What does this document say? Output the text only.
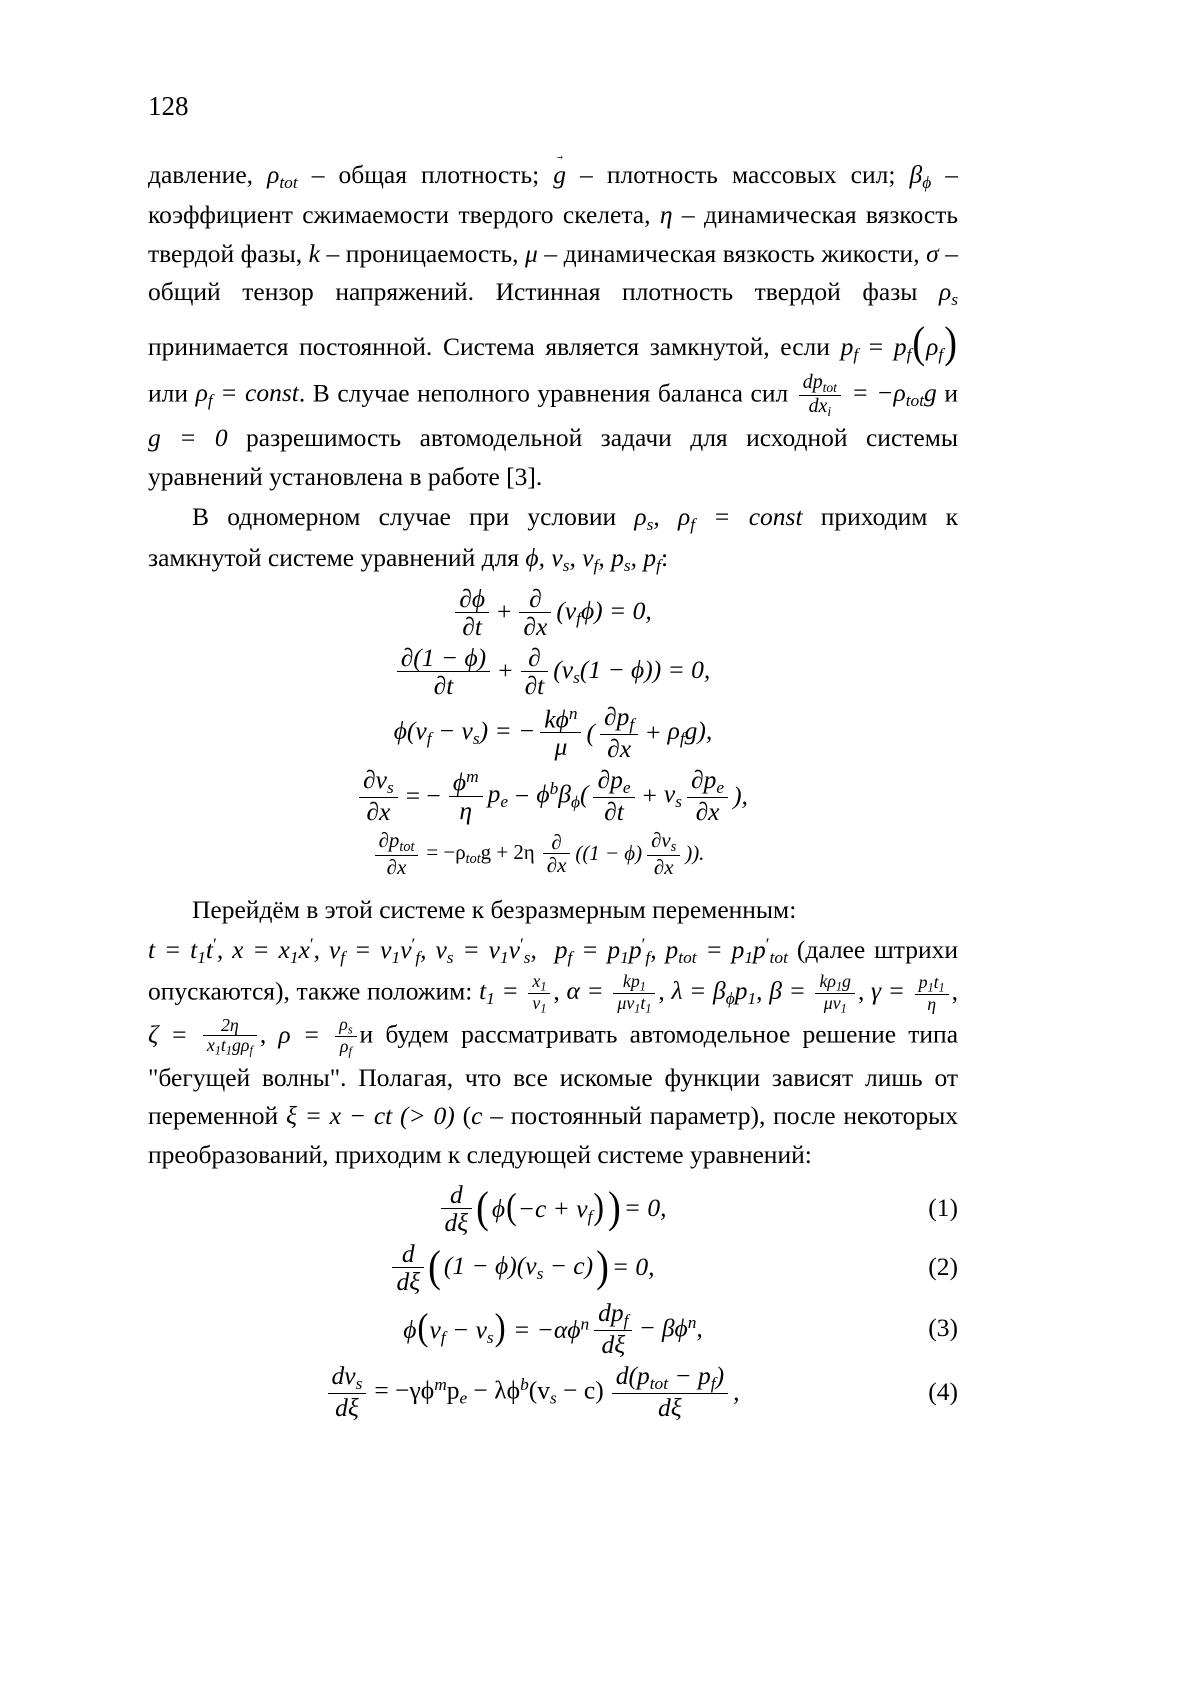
128

давление, $\rho_{tot}$ – общая плотность; g → – плотность массовых сил; $\beta_\phi$ – коэффициент сжимаемости твердого скелета, η – динамическая вязкость твердой фазы, k – проницаемость, μ – динамическая вязкость жикости, σ – общий тензор напряжений. Истинная плотность твердой фазы $\rho_s$ принимается постоянной. Система является замкнутой, если $p_f = p_f(\rho_f)$ или $\rho_f$ = const. В случае неполного уравнения баланса сил $\frac{dp_{tot}}{dx_i} = -\rho_{tot}g$ и g = 0 разрешимость автомодельной задачи для исходной системы уравнений установлена в работе [3].

В одномерном случае при условии $\rho_s$, $\rho_f$ = const приходим к замкнутой системе уравнений для ϕ, $v_s$, $v_f$, $p_s$, $p_f$:

$\frac{\partial\phi}{\partial t} + \frac{\partial}{\partial x} (v_f\phi) = 0$,
$\frac{\partial(1 - \phi)}{\partial t} + \frac{\partial}{\partial t} (v_s(1 - \phi)) = 0$,
$\phi(v_f - v_s)$ = − $\frac{k\phi^n}{\mu}$ ( $\frac{\partial p_f}{\partial x} + \rho_fg$),
$\frac{\partial v_s}{\partial x}$ = − $\frac{\phi^m}{\eta} p_e - \phi^b\beta_\phi( \frac{\partial p_e}{\partial t} + v_s \frac{\partial p_e}{\partial x}$ ),
$\frac{\partial p_{tot}}{\partial x} = -\rho_{tot}g + 2\eta \frac{\partial}{\partial x} ((1 - \phi) \frac{\partial v_s}{\partial x}$ )).

Перейдём в этой системе к безразмерным переменным:

$t = t_1t'$, $x = x_1x'$, $v_f = v_1v'_f$, $v_s = v_1v'_s$,  $p_f = p_1p'_f$, $p_{tot} = p_1p'_{tot}$ (далее штрихи опускаются), также положим: $t_1 = \frac{x_1}{v_1}$ , $\alpha = \frac{kp_1}{\mu v_1t_1}$ , $\lambda = \beta_\phi p_1$, $\beta = \frac{k\rho_1g}{\mu v_1}$ , $\gamma = \frac{p_1t_1}{\eta}$ , $\zeta = \frac{2\eta}{x_1t_1g\rho_f}$ , $\rho = \frac{\rho_s}{\rho_f}$ и будем рассматривать автомодельное решение типа "бегущей волны". Полагая, что все искомые функции зависят лишь от переменной ξ = x − ct (> 0) (c – постоянный параметр), после некоторых преобразований, приходим к следующей системе уравнений:

$\frac{d}{d\xi}$ ( $\phi(-c + v_f)$ ) = 0,	(1)
$\frac{d}{d\xi}$ ( $(1 - \phi)(v_s - c)$ ) = 0,	(2)
$\phi(v_f - v_s) = -\alpha\phi^n \frac{dp_f}{d\xi} - \beta\phi^n$,	(3)
$\frac{dv_s}{d\xi} = -\gamma\phi^mp_e - \lambda\phi^b(v_s - c) \frac{d(p_{tot} - p_f)}{d\xi}$ ,	(4)
